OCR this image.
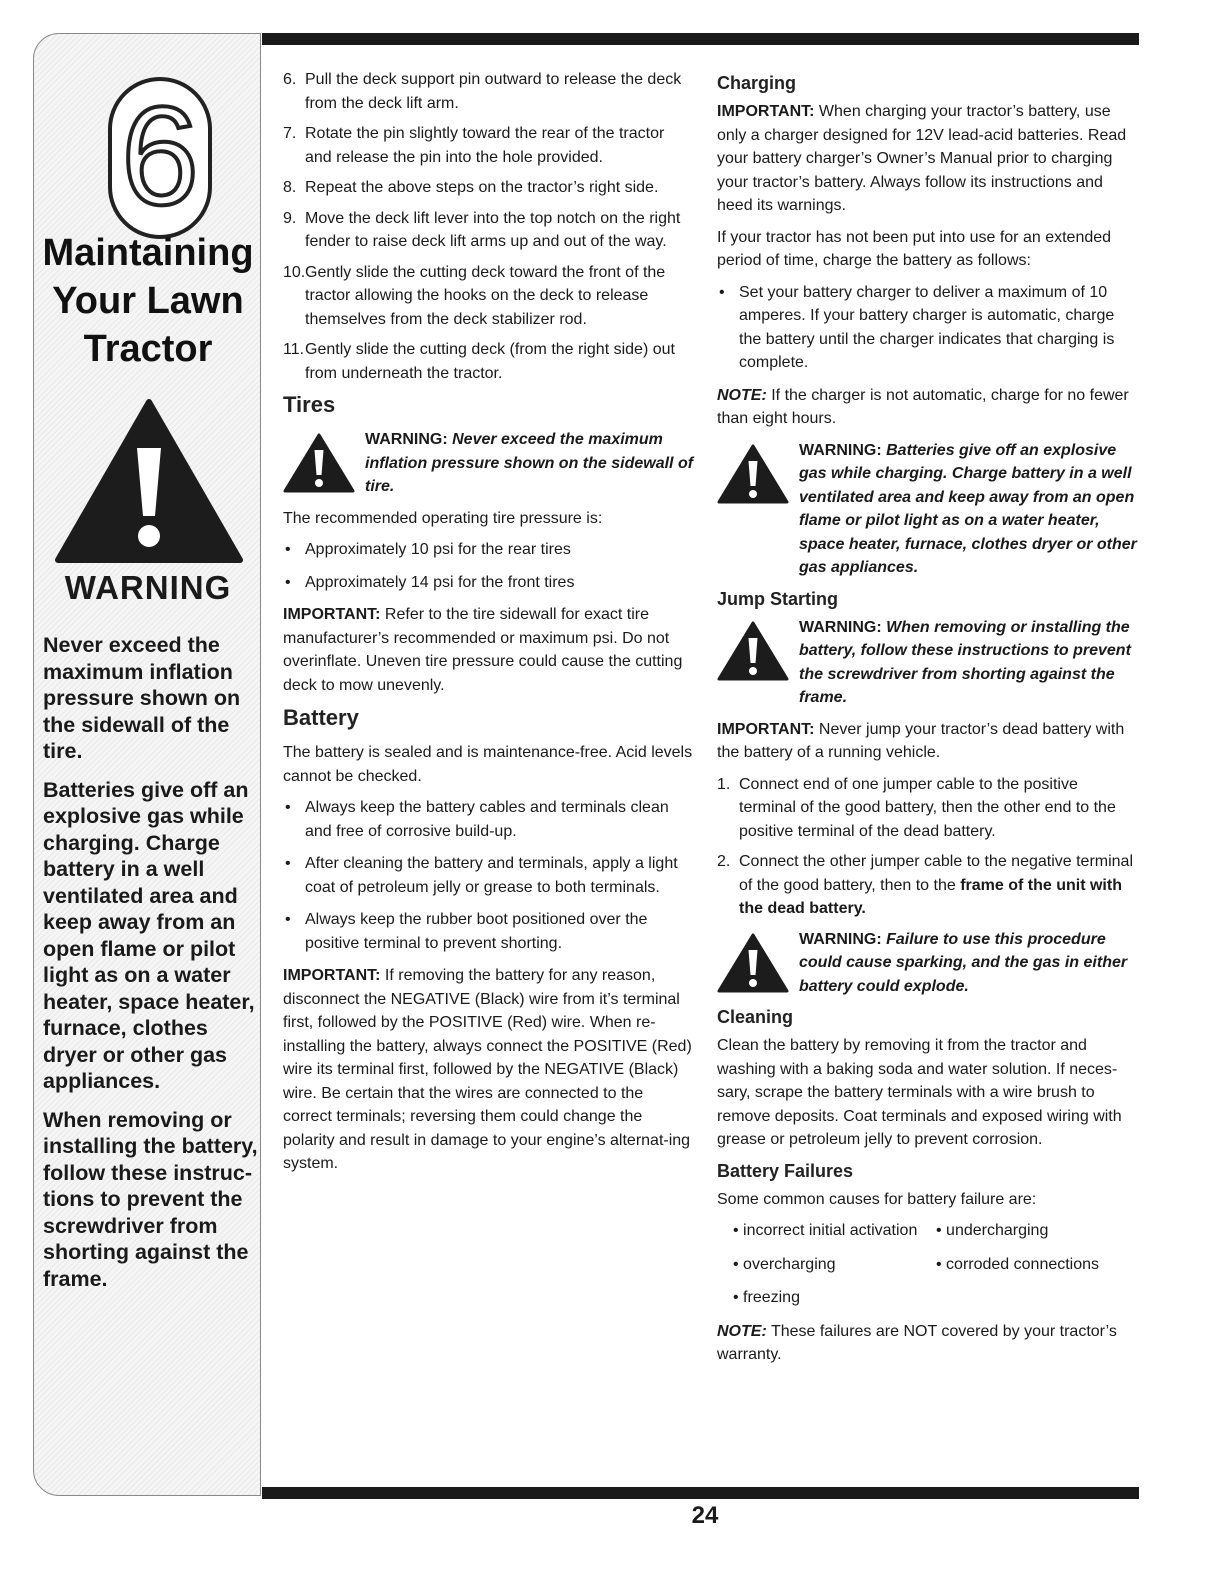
24
6
Maintaining
Your Lawn
Tractor
WARNING

Never exceed the maximum inflation pressure shown on the sidewall of the tire.

Batteries give off an explosive gas while charging. Charge battery in a well ventilated area and keep away from an open flame or pilot light as on a water heater, space heater, furnace, clothes dryer or other gas appliances.

When removing or installing the battery, follow these instruc-tions to prevent the screwdriver from shorting against the frame.

6. Pull the deck support pin outward to release the deck from the deck lift arm.
7. Rotate the pin slightly toward the rear of the tractor and release the pin into the hole provided.
8. Repeat the above steps on the tractor’s right side.
9. Move the deck lift lever into the top notch on the right fender to raise deck lift arms up and out of the way.
10. Gently slide the cutting deck toward the front of the tractor allowing the hooks on the deck to release themselves from the deck stabilizer rod.
11. Gently slide the cutting deck (from the right side) out from underneath the tractor.
Tires
WARNING: Never exceed the maximum inflation pressure shown on the sidewall of tire.

The recommended operating tire pressure is:

• Approximately 10 psi for the rear tires
• Approximately 14 psi for the front tires

IMPORTANT: Refer to the tire sidewall for exact tire manufacturer’s recommended or maximum psi. Do not overinflate. Uneven tire pressure could cause the cutting deck to mow unevenly.

Battery

The battery is sealed and is maintenance-free. Acid levels cannot be checked.

• Always keep the battery cables and terminals clean and free of corrosive build-up.
• After cleaning the battery and terminals, apply a light coat of petroleum jelly or grease to both terminals.
• Always keep the rubber boot positioned over the positive terminal to prevent shorting.

IMPORTANT: If removing the battery for any reason, disconnect the NEGATIVE (Black) wire from it’s terminal first, followed by the POSITIVE (Red) wire. When re-installing the battery, always connect the POSITIVE (Red) wire its terminal first, followed by the NEGATIVE (Black) wire. Be certain that the wires are connected to the correct terminals; reversing them could change the polarity and result in damage to your engine’s alternat-ing system.

Charging

IMPORTANT: When charging your tractor’s battery, use only a charger designed for 12V lead-acid batteries. Read your battery charger’s Owner’s Manual prior to charging your tractor’s battery. Always follow its instructions and heed its warnings.

If your tractor has not been put into use for an extended period of time, charge the battery as follows:

• Set your battery charger to deliver a maximum of 10 amperes. If your battery charger is automatic, charge the battery until the charger indicates that charging is complete.

NOTE: If the charger is not automatic, charge for no fewer than eight hours.

WARNING: Batteries give off an explosive gas while charging. Charge battery in a well ventilated area and keep away from an open flame or pilot light as on a water heater, space heater, furnace, clothes dryer or other gas appliances.
Jump Starting
WARNING: When removing or installing the battery, follow these instructions to prevent the screwdriver from shorting against the frame.

IMPORTANT: Never jump your tractor’s dead battery with the battery of a running vehicle.

1. Connect end of one jumper cable to the positive terminal of the good battery, then the other end to the positive terminal of the dead battery.
2. Connect the other jumper cable to the negative terminal of the good battery, then to the frame of the unit with the dead battery.
WARNING: Failure to use this procedure could cause sparking, and the gas in either battery could explode.
Cleaning

Clean the battery by removing it from the tractor and washing with a baking soda and water solution. If neces-sary, scrape the battery terminals with a wire brush to remove deposits. Coat terminals and exposed wiring with grease or petroleum jelly to prevent corrosion.

Battery Failures

Some common causes for battery failure are:

• incorrect initial activation	• undercharging
• overcharging	• corroded connections
• freezing

NOTE: These failures are NOT covered by your tractor’s warranty.
